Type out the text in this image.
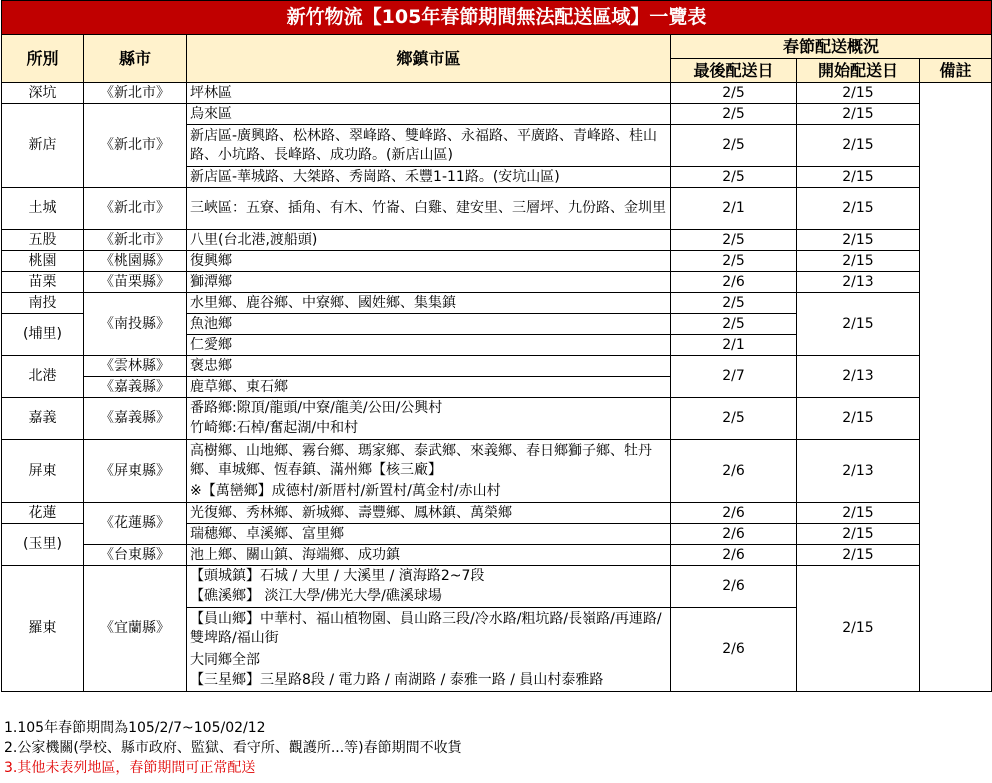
新竹物流【105年春節期間無法配送區域】一覽表					
所別	縣市	鄉鎮市區	春節配送概況		
			最後配送日	開始配送日	備註
深坑	《新北市》	坪林區	2/5	2/15	
新店	《新北市》	烏來區	2/5	2/15	
		新店區-廣興路、松林路、翠峰路、雙峰路、永福路、平廣路、青峰路、桂山路、小坑路、長峰路、成功路。(新店山區)	2/5	2/15	
		新店區-華城路、大桀路、秀崗路、禾豐1-11路。(安坑山區)	2/5	2/15	
土城	《新北市》	三峽區：五寮、插角、有木、竹崙、白雞、建安里、三層坪、九份路、金圳里	2/1	2/15	
五股	《新北市》	八里(台北港,渡船頭)	2/5	2/15	
桃園	《桃園縣》	復興鄉	2/5	2/15	
苗栗	《苗栗縣》	獅潭鄉	2/6	2/13	
南投	《南投縣》	水里鄉、鹿谷鄉、中寮鄉、國姓鄉、集集鎮	2/5	2/15	
(埔里)		魚池鄉	2/5		
		仁愛鄉	2/1		
北港	《雲林縣》	褒忠鄉	2/7	2/13	
	《嘉義縣》	鹿草鄉、東石鄉			
嘉義	《嘉義縣》	番路鄉:隙頂/龍頭/中寮/龍美/公田/公興村	2/5	2/15	
		竹崎鄉:石棹/奮起湖/中和村			
屏東	《屏東縣》	高樹鄉、山地鄉、霧台鄉、瑪家鄉、泰武鄉、來義鄉、春日鄉獅子鄉、牡丹鄉、車城鄉、恆春鎮、滿州鄉【核三廠】	2/6	2/13	
		※【萬巒鄉】成德村/新厝村/新置村/萬金村/赤山村			
花蓮	《花蓮縣》	光復鄉、秀林鄉、新城鄉、壽豐鄉、鳳林鎮、萬榮鄉	2/6	2/15	
(玉里)		瑞穗鄉、卓溪鄉、富里鄉	2/6	2/15	
	《台東縣》	池上鄉、關山鎮、海端鄉、成功鎮	2/6	2/15	
羅東	《宜蘭縣》	【頭城鎮】石城 / 大里 / 大溪里 / 濱海路2~7段	2/6	2/15	
		【礁溪鄉】 淡江大學/佛光大學/礁溪球場			
		【員山鄉】中華村、福山植物園、員山路三段/冷水路/粗坑路/長嶺路/再連路/雙埤路/福山街	2/6		
		大同鄉全部			
		【三星鄉】三星路8段 / 電力路 / 南湖路 / 泰雅一路 / 員山村泰雅路			
1.105年春節期間為105/2/7~105/02/12
2.公家機關(學校、縣市政府、監獄、看守所、觀護所...等)春節期間不收貨
3.其他未表列地區，春節期間可正常配送
